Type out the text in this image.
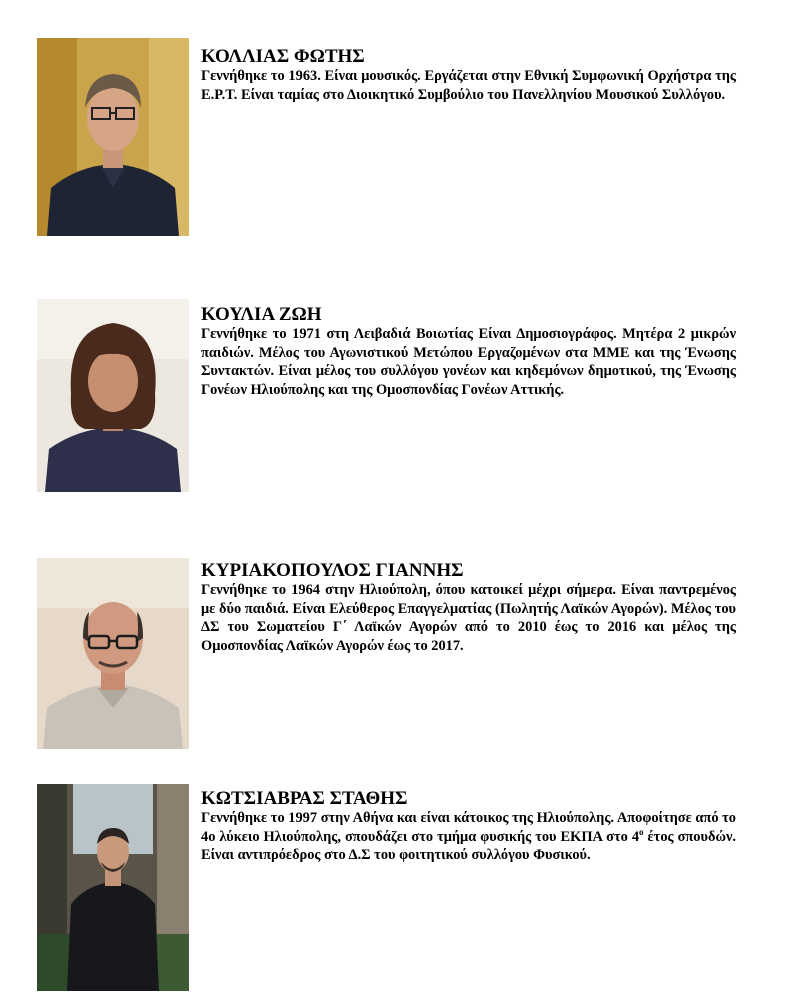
ΚΟΛΛΙΑΣ ΦΩΤΗΣ

Γεννήθηκε το 1963. Είναι μουσικός. Εργάζεται στην Εθνική Συμφωνική Ορχήστρα της Ε.Ρ.Τ. Είναι ταμίας στο Διοικητικό Συμβούλιο του Πανελληνίου Μουσικού Συλλόγου.

ΚΟΥΛΙΑ ΖΩΗ

Γεννήθηκε το 1971 στη Λειβαδιά Βοιωτίας Είναι Δημοσιογράφος. Μητέρα 2 μικρών παιδιών. Μέλος του Αγωνιστικού Μετώπου Εργαζομένων στα ΜΜΕ και της Ένωσης Συντακτών. Είναι μέλος του συλλόγου γονέων και κηδεμόνων δημοτικού, της Ένωσης Γονέων Ηλιούπολης και της Ομοσπονδίας Γονέων Αττικής.

ΚΥΡΙΑΚΟΠΟΥΛΟΣ ΓΙΑΝΝΗΣ

Γεννήθηκε το 1964 στην Ηλιούπολη, όπου κατοικεί μέχρι σήμερα. Είναι παντρεμένος με δύο παιδιά. Είναι Ελεύθερος Επαγγελματίας (Πωλητής Λαϊκών Αγορών). Μέλος του ΔΣ του Σωματείου Γ΄ Λαϊκών Αγορών από το 2010 έως το 2016 και μέλος της Ομοσπονδίας Λαϊκών Αγορών έως το 2017.

ΚΩΤΣΙΑΒΡΑΣ ΣΤΑΘΗΣ

Γεννήθηκε το 1997 στην Αθήνα και είναι κάτοικος της Ηλιούπολης. Αποφοίτησε από το 4ο λύκειο Ηλιούπολης, σπουδάζει στο τμήμα φυσικής του ΕΚΠΑ στο $4^o$ έτος σπουδών. Είναι αντιπρόεδρος στο Δ.Σ του φοιτητικού συλλόγου Φυσικού.
